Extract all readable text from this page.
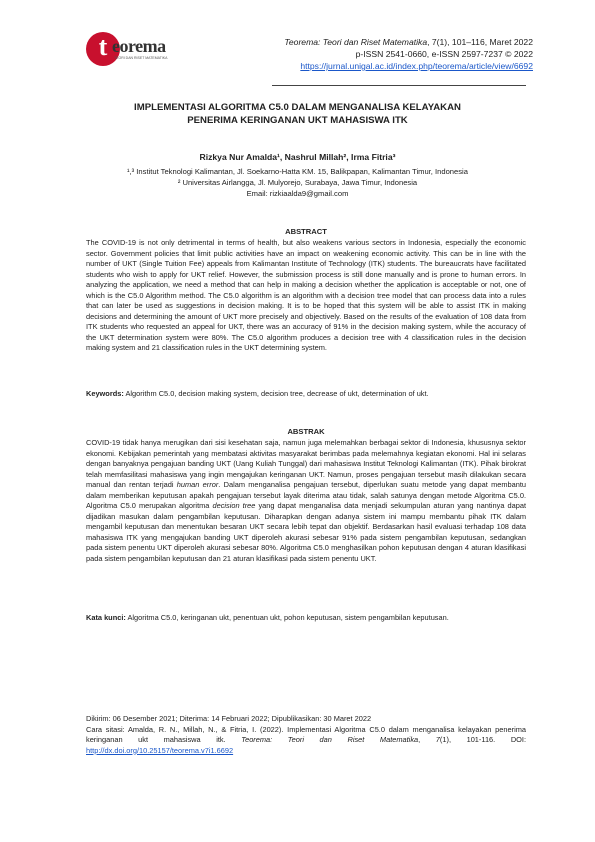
t eorema
TEORI DAN RISET MATEMATIKA
Teorema: Teori dan Riset Matematika, 7(1), 101–116, Maret 2022
p-ISSN 2541-0660, e-ISSN 2597-7237 © 2022
https://jurnal.unigal.ac.id/index.php/teorema/article/view/6692
IMPLEMENTASI ALGORITMA C5.0 DALAM MENGANALISA KELAYAKAN
PENERIMA KERINGANAN UKT MAHASISWA ITK
Rizkya Nur Amalda¹, Nashrul Millah², Irma Fitria³
¹,³ Institut Teknologi Kalimantan, Jl. Soekarno-Hatta KM. 15, Balikpapan, Kalimantan Timur, Indonesia
² Universitas Airlangga, Jl. Mulyorejo, Surabaya, Jawa Timur, Indonesia
Email: rizkiaalda9@gmail.com
ABSTRACT
The COVID-19 is not only detrimental in terms of health, but also weakens various sectors in Indonesia, especially the economic sector. Government policies that limit public activities have an impact on weakening economic activity. This can be in line with the number of UKT (Single Tuition Fee) appeals from Kalimantan Institute of Technology (ITK) students. The bureaucrats have facilitated students who wish to apply for UKT relief. However, the submission process is still done manually and is prone to human errors. In analyzing the application, we need a method that can help in making a decision whether the application is acceptable or not, one of which is the C5.0 Algorithm method. The C5.0 algorithm is an algorithm with a decision tree model that can process data into a rules that can later be used as suggestions in decision making. It is to be hoped that this system will be able to assist ITK in making decisions and determining the amount of UKT more precisely and objectively. Based on the results of the evaluation of 108 data from ITK students who requested an appeal for UKT, there was an accuracy of 91% in the decision making system, while the accuracy of the UKT determination system were 80%. The C5.0 algorithm produces a decision tree with 4 classification rules in the decision making system and 21 classification rules in the UKT determining system.
Keywords: Algorithm C5.0, decision making system, decision tree, decrease of ukt, determination of ukt.
ABSTRAK
COVID-19 tidak hanya merugikan dari sisi kesehatan saja, namun juga melemahkan berbagai sektor di Indonesia, khususnya sektor ekonomi. Kebijakan pemerintah yang membatasi aktivitas masyarakat berimbas pada melemahnya kegiatan ekonomi. Hal ini selaras dengan banyaknya pengajuan banding UKT (Uang Kuliah Tunggal) dari mahasiswa Institut Teknologi Kalimantan (ITK). Pihak birokrat telah memfasilitasi mahasiswa yang ingin mengajukan keringanan UKT. Namun, proses pengajuan tersebut masih dilakukan secara manual dan rentan terjadi human error. Dalam menganalisa pengajuan tersebut, diperlukan suatu metode yang dapat membantu dalam memberikan keputusan apakah pengajuan tersebut layak diterima atau tidak, salah satunya dengan metode Algoritma C5.0. Algoritma C5.0 merupakan algoritma decision tree yang dapat menganalisa data menjadi sekumpulan aturan yang nantinya dapat dijadikan masukan dalam pengambilan keputusan. Diharapkan dengan adanya sistem ini mampu membantu pihak ITK dalam mengambil keputusan dan menentukan besaran UKT secara lebih tepat dan objektif. Berdasarkan hasil evaluasi terhadap 108 data mahasiswa ITK yang mengajukan banding UKT diperoleh akurasi sebesar 91% pada sistem pengambilan keputusan, sedangkan pada sistem penentu UKT diperoleh akurasi sebesar 80%. Algoritma C5.0 menghasilkan pohon keputusan dengan 4 aturan klasifikasi pada sistem pengambilan keputusan dan 21 aturan klasifikasi pada sistem penentu UKT.
Kata kunci: Algoritma C5.0, keringanan ukt, penentuan ukt, pohon keputusan, sistem pengambilan keputusan.
Dikirim: 06 Desember 2021; Diterima: 14 Februari 2022; Dipublikasikan: 30 Maret 2022
Cara sitasi: Amalda, R. N., Millah, N., & Fitria, I. (2022). Implementasi Algoritma C5.0 dalam menganalisa kelayakan penerima keringanan ukt mahasiswa itk. Teorema: Teori dan Riset Matematika, 7(1), 101-116. DOI: http://dx.doi.org/10.25157/teorema.v7i1.6692
